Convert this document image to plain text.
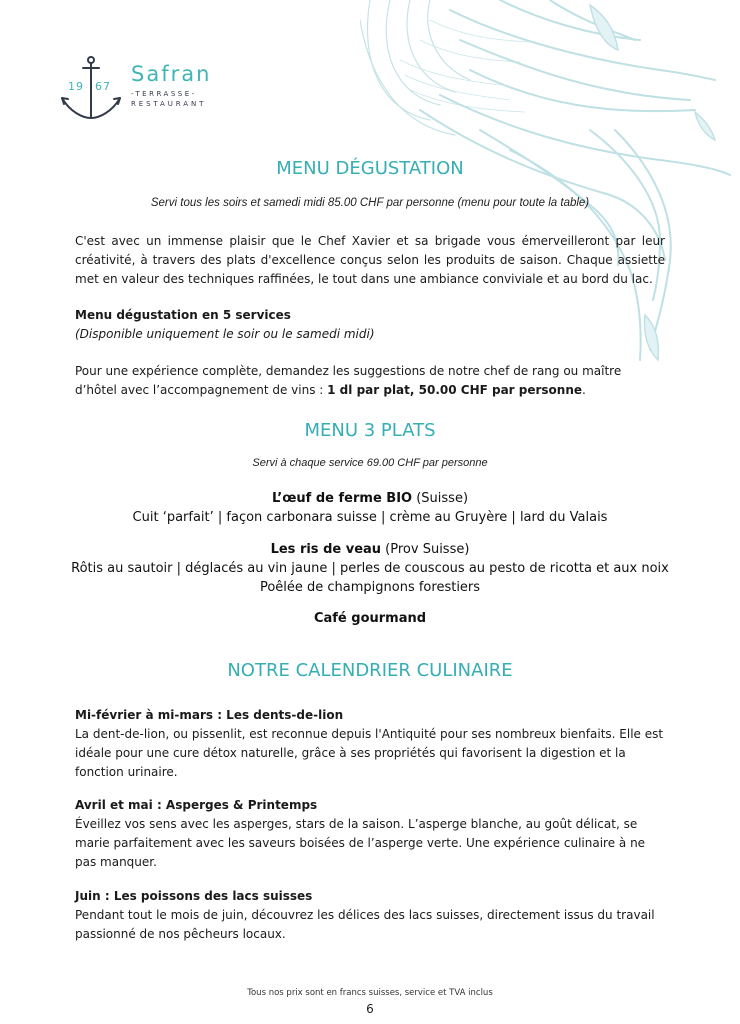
19 67
Safran
-TERRASSE-
RESTAURANT
MENU DÉGUSTATION
Servi tous les soirs et samedi midi 85.00 CHF par personne (menu pour toute la table)
C'est avec un immense plaisir que le Chef Xavier et sa brigade vous émerveilleront par leur créativité, à travers des plats d'excellence conçus selon les produits de saison. Chaque assiette met en valeur des techniques raffinées, le tout dans une ambiance conviviale et au bord du lac.
Menu dégustation en 5 services
(Disponible uniquement le soir ou le samedi midi)
Pour une expérience complète, demandez les suggestions de notre chef de rang ou maître d’hôtel avec l’accompagnement de vins : 1 dl par plat, 50.00 CHF par personne.
MENU 3 PLATS
Servi à chaque service 69.00 CHF par personne
L’œuf de ferme BIO (Suisse)
Cuit ‘parfait’ | façon carbonara suisse | crème au Gruyère | lard du Valais
Les ris de veau (Prov Suisse)
Rôtis au sautoir | déglacés au vin jaune | perles de couscous au pesto de ricotta et aux noix
Poêlée de champignons forestiers
Café gourmand
NOTRE CALENDRIER CULINAIRE
Mi-février à mi-mars : Les dents-de-lion
La dent-de-lion, ou pissenlit, est reconnue depuis l'Antiquité pour ses nombreux bienfaits. Elle est idéale pour une cure détox naturelle, grâce à ses propriétés qui favorisent la digestion et la fonction urinaire.
Avril et mai : Asperges & Printemps
Éveillez vos sens avec les asperges, stars de la saison. L’asperge blanche, au goût délicat, se marie parfaitement avec les saveurs boisées de l’asperge verte. Une expérience culinaire à ne pas manquer.
Juin : Les poissons des lacs suisses
Pendant tout le mois de juin, découvrez les délices des lacs suisses, directement issus du travail passionné de nos pêcheurs locaux.
Tous nos prix sont en francs suisses, service et TVA inclus
6
